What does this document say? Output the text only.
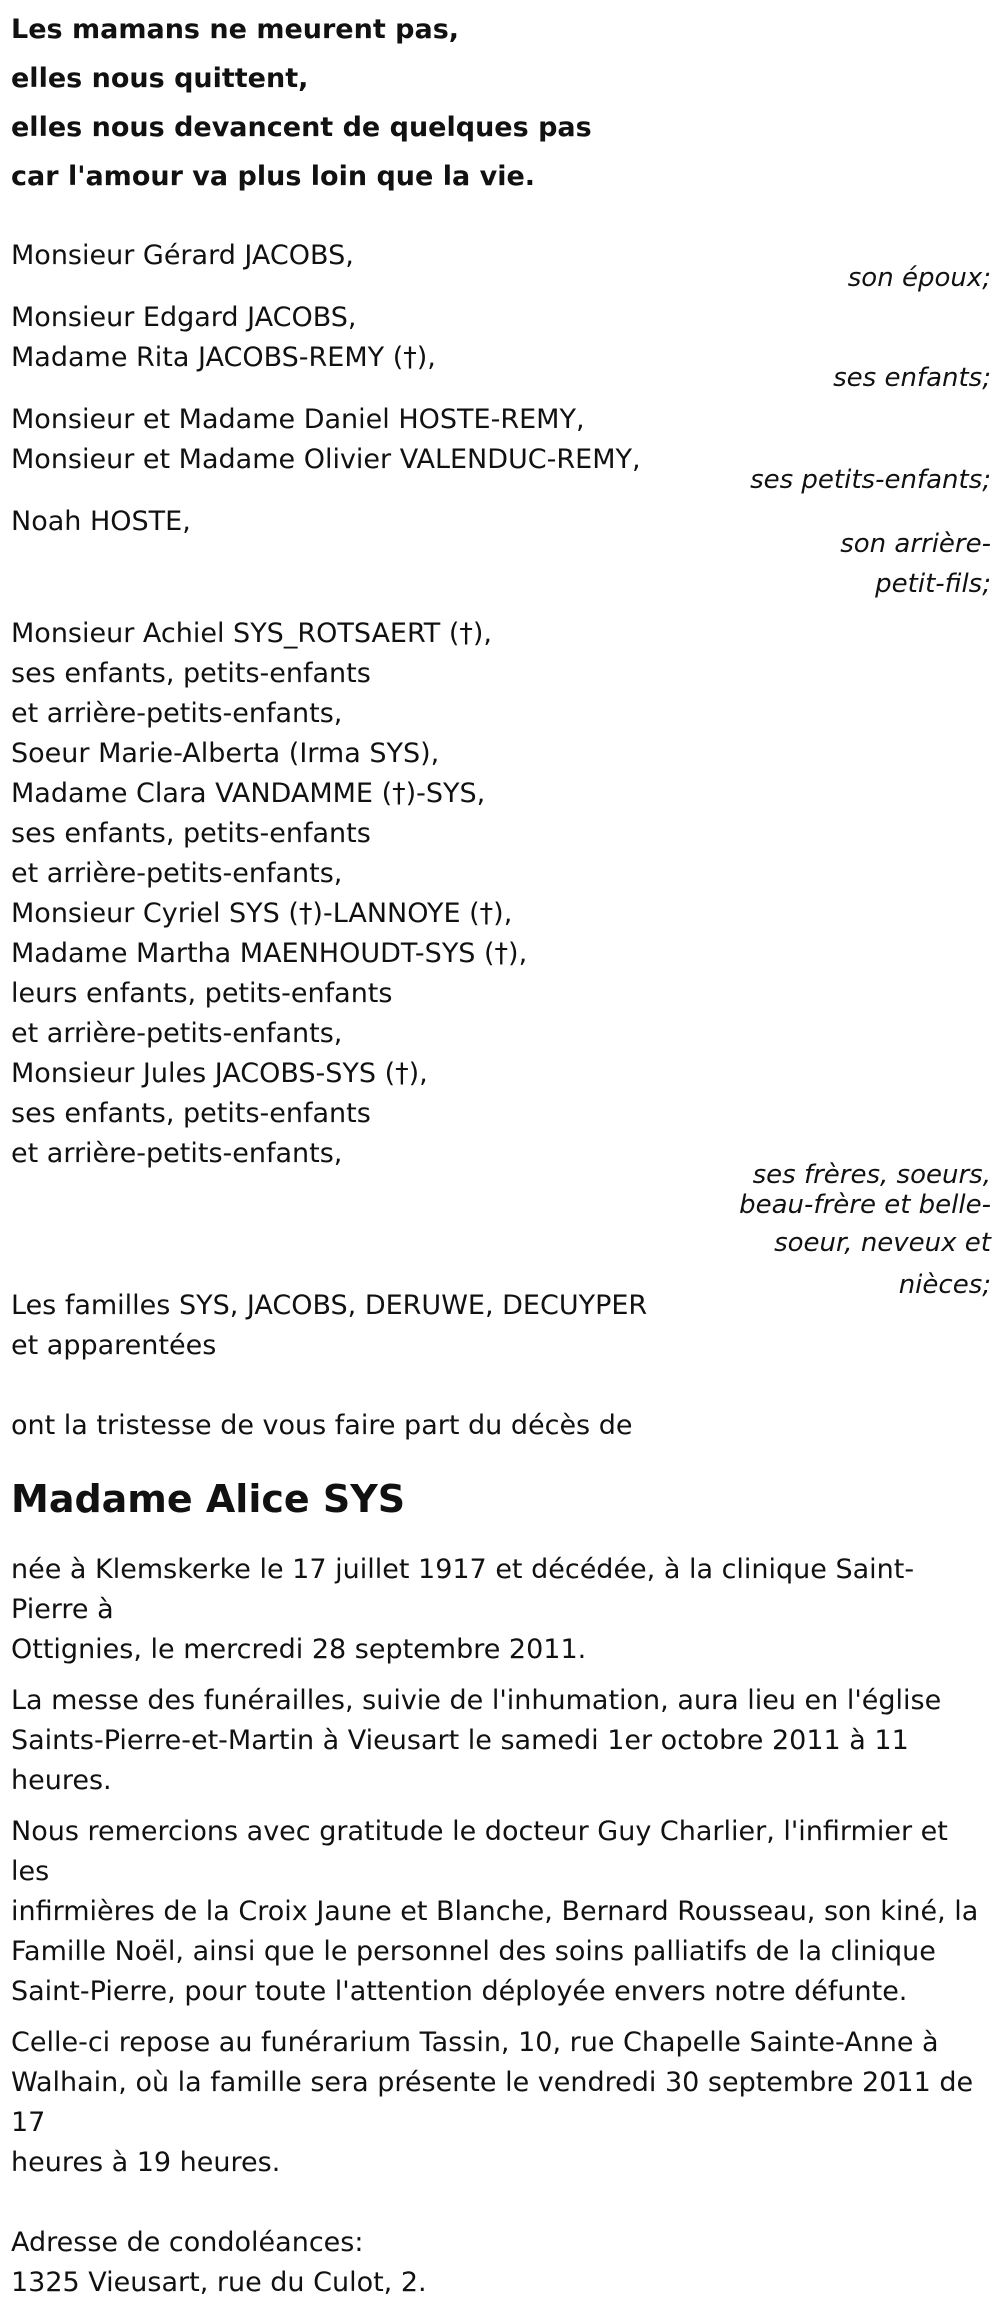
Les mamans ne meurent pas,

elles nous quittent,

elles nous devancent de quelques pas

car l'amour va plus loin que la vie.

Monsieur Gérard JACOBS,

son époux;

Monsieur Edgard JACOBS,

Madame Rita JACOBS-REMY (†),

ses enfants;

Monsieur et Madame Daniel HOSTE-REMY,

Monsieur et Madame Olivier VALENDUC-REMY,

ses petits-enfants;

Noah HOSTE,

son arrière-
petit-fils;

Monsieur Achiel SYS_ROTSAERT (†),

ses enfants, petits-enfants

et arrière-petits-enfants,

Soeur Marie-Alberta (Irma SYS),

Madame Clara VANDAMME (†)-SYS,

ses enfants, petits-enfants

et arrière-petits-enfants,

Monsieur Cyriel SYS (†)-LANNOYE (†),

Madame Martha MAENHOUDT-SYS (†),

leurs enfants, petits-enfants

et arrière-petits-enfants,

Monsieur Jules JACOBS-SYS (†),

ses enfants, petits-enfants

et arrière-petits-enfants,

ses frères, soeurs,
beau-frère et belle-
soeur, neveux et
nièces;

Les familles SYS, JACOBS, DERUWE, DECUYPER

et apparentées

ont la tristesse de vous faire part du décès de

Madame Alice SYS

née à Klemskerke le 17 juillet 1917 et décédée, à la clinique Saint-Pierre à

Ottignies, le mercredi 28 septembre 2011.

La messe des funérailles, suivie de l'inhumation, aura lieu en l'église

Saints-Pierre-et-Martin à Vieusart le samedi 1er octobre 2011 à 11 heures.

Nous remercions avec gratitude le docteur Guy Charlier, l'infirmier et les

infirmières de la Croix Jaune et Blanche, Bernard Rousseau, son kiné, la

Famille Noël, ainsi que le personnel des soins palliatifs de la clinique

Saint-Pierre, pour toute l'attention déployée envers notre défunte.

Celle-ci repose au funérarium Tassin, 10, rue Chapelle Sainte-Anne à

Walhain, où la famille sera présente le vendredi 30 septembre 2011 de 17

heures à 19 heures.

Adresse de condoléances:

1325 Vieusart, rue du Culot, 2.
